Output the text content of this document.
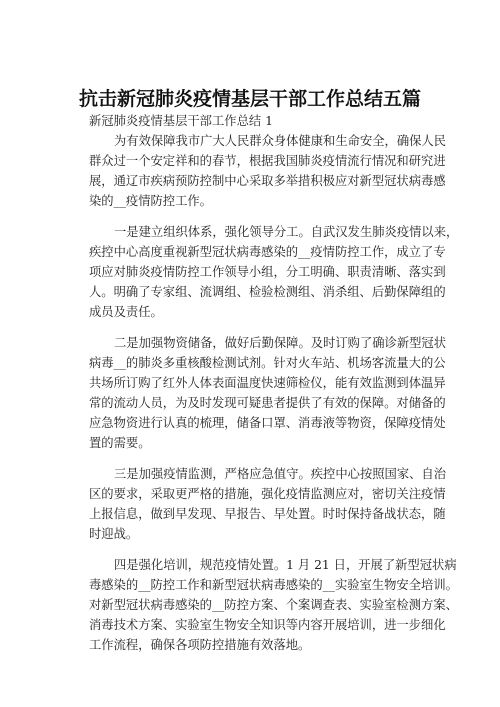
抗击新冠肺炎疫情基层干部工作总结五篇
新冠肺炎疫情基层干部工作总结 1
为有效保障我市广大人民群众身体健康和生命安全，确保人民
群众过一个安定祥和的春节，根据我国肺炎疫情流行情况和研究进
展，通辽市疾病预防控制中心采取多举措积极应对新型冠状病毒感
染的__疫情防控工作。
一是建立组织体系，强化领导分工。自武汉发生肺炎疫情以来，
疾控中心高度重视新型冠状病毒感染的__疫情防控工作，成立了专
项应对肺炎疫情防控工作领导小组，分工明确、职责清晰、落实到
人。明确了专家组、流调组、检验检测组、消杀组、后勤保障组的
成员及责任。
二是加强物资储备，做好后勤保障。及时订购了确诊新型冠状
病毒__的肺炎多重核酸检测试剂。针对火车站、机场客流量大的公
共场所订购了红外人体表面温度快速筛检仪，能有效监测到体温异
常的流动人员，为及时发现可疑患者提供了有效的保障。对储备的
应急物资进行认真的梳理，储备口罩、消毒液等物资，保障疫情处
置的需要。
三是加强疫情监测，严格应急值守。疾控中心按照国家、自治
区的要求，采取更严格的措施，强化疫情监测应对，密切关注疫情
上报信息，做到早发现、早报告、早处置。时时保持备战状态，随
时迎战。
四是强化培训，规范疫情处置。1 月 21 日，开展了新型冠状病
毒感染的__防控工作和新型冠状病毒感染的__实验室生物安全培训。
对新型冠状病毒感染的__防控方案、个案调查表、实验室检测方案、
消毒技术方案、实验室生物安全知识等内容开展培训，进一步细化
工作流程，确保各项防控措施有效落地。
